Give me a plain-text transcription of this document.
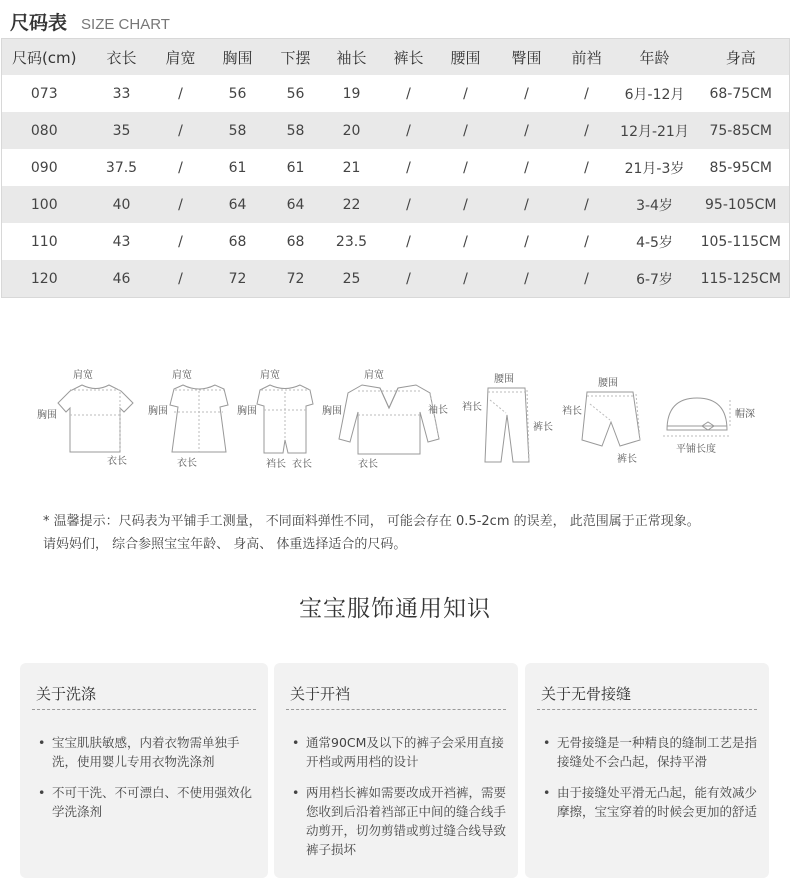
尺码表 SIZE CHART
尺码(cm)	衣长	肩宽	胸围	下摆	袖长	裤长	腰围	臀围	前裆	年龄	身高
073	33	/	56	56	19	/	/	/	/	6月-12月	68-75CM
080	35	/	58	58	20	/	/	/	/	12月-21月	75-85CM
090	37.5	/	61	61	21	/	/	/	/	21月-3岁	85-95CM
100	40	/	64	64	22	/	/	/	/	3-4岁	95-105CM
110	43	/	68	68	23.5	/	/	/	/	4-5岁	105-115CM
120	46	/	72	72	25	/	/	/	/	6-7岁	115-125CM
肩宽
胸围
衣长
肩宽
胸围
衣长
肩宽
胸围
裆长 衣长
肩宽
胸围	袖长
衣长
腰围
裆长
裤长
腰围
裆长
裤长
帽深
平铺长度
* 温馨提示：尺码表为平铺手工测量， 不同面料弹性不同， 可能会存在 0.5-2cm 的误差， 此范围属于正常现象。
请妈妈们， 综合参照宝宝年龄、 身高、 体重选择适合的尺码。
宝宝服饰通用知识
关于洗涤
• 宝宝肌肤敏感，内着衣物需单独手洗，使用婴儿专用衣物洗涤剂
• 不可干洗、不可漂白、不使用强效化学洗涤剂
关于开裆
• 通常90CM及以下的裤子会采用直接开档或两用档的设计
• 两用档长裤如需要改成开裆裤，需要您收到后沿着裆部正中间的缝合线手动剪开，切勿剪错或剪过缝合线导致裤子损坏
关于无骨接缝
• 无骨接缝是一种精良的缝制工艺是指接缝处不会凸起，保持平滑
• 由于接缝处平滑无凸起，能有效减少摩擦，宝宝穿着的时候会更加的舒适
